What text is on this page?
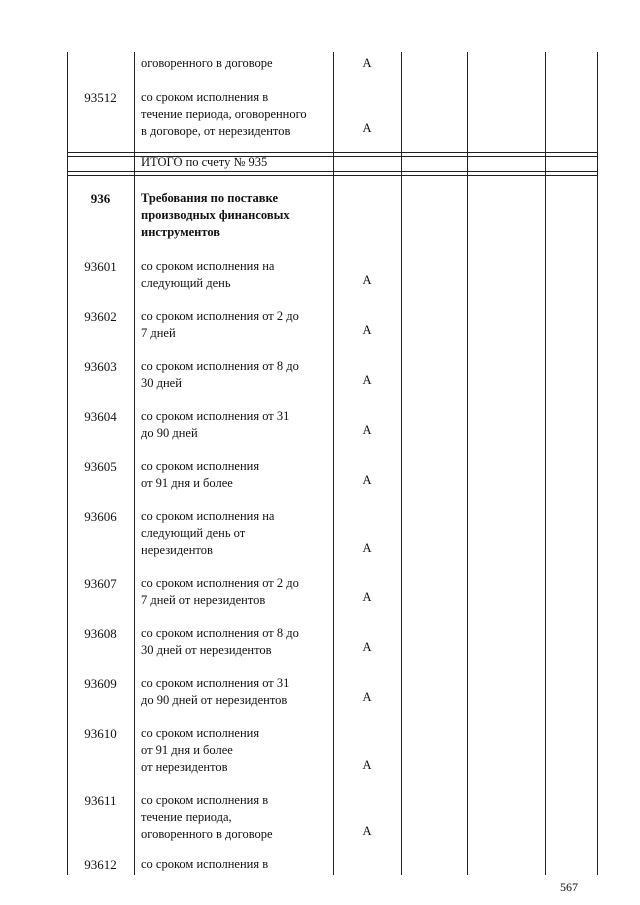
оговоренного в договоре	А
93512	со сроком исполнения в
течение периода, оговоренного
в договоре, от нерезидентов	А
ИТОГО по счету № 935
936	Требования по поставке
производных финансовых
инструментов
93601	со сроком исполнения на
следующий день	А
93602	со сроком исполнения от 2 до
7 дней	А
93603	со сроком исполнения от 8 до
30 дней	А
93604	со сроком исполнения от 31
до 90 дней	А
93605	со сроком исполнения
от 91 дня и более	А
93606	со сроком исполнения на
следующий день от
нерезидентов	А
93607	со сроком исполнения от 2 до
7 дней от нерезидентов	А
93608	со сроком исполнения от 8 до
30 дней от нерезидентов	А
93609	со сроком исполнения от 31
до 90 дней от нерезидентов	А
93610	со сроком исполнения
от 91 дня и более
от нерезидентов	А
93611	со сроком исполнения в
течение периода,
оговоренного в договоре	А
93612	со сроком исполнения в
567
